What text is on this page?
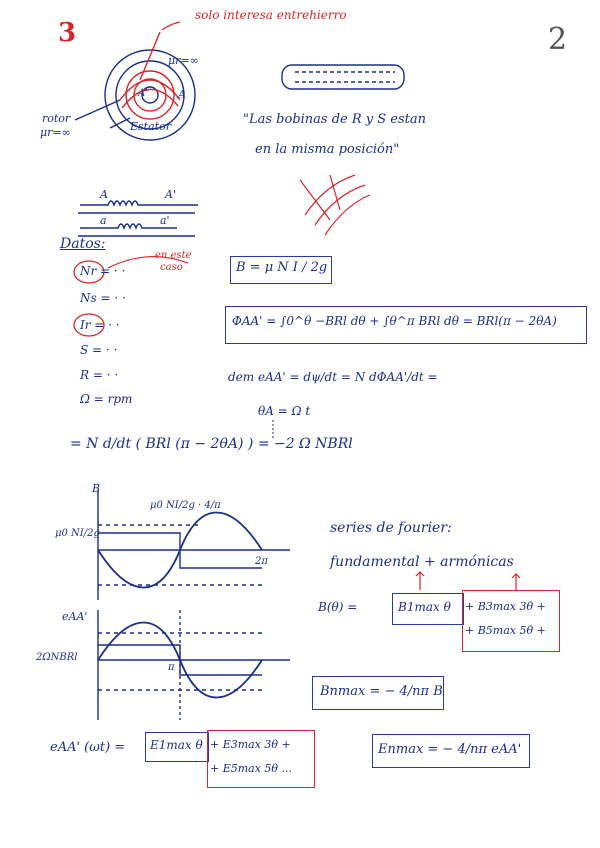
3	2
solo interesa entrehierro
μr=∞
rotor
μr=∞	Estator
A
A'
"Las bobinas de R y S estan
en la misma posición"
A	A'
a	a'
Datos:
Nr = · ·
Ns = · ·
Ir = · ·
S = · ·
R = · ·
Ω = rpm
en este
caso	B = μ N I / 2g
ΦAA' = ∫0^θ −BRl dθ + ∫θ^π BRl dθ = BRl(π − 2θA)
dem eAA' = dψ/dt = N dΦAA'/dt =
θA = Ω t
= N d/dt ( BRl (π − 2θA) ) = −2 Ω NBRl
B
μ0 NI/2g
μ0 NI/2g · 4/π
2π
eAA'
2ΩNBRl
π
series de fourier:
fundamental + armónicas
B(θ) =	B1max θ + B3max 3θ +
+ B5max 5θ +
Bnmax = − 4/nπ B
eAA' (ωt) = E1max θ + E3max 3θ +
+ E5max 5θ ...
Enmax = − 4/nπ eAA'
